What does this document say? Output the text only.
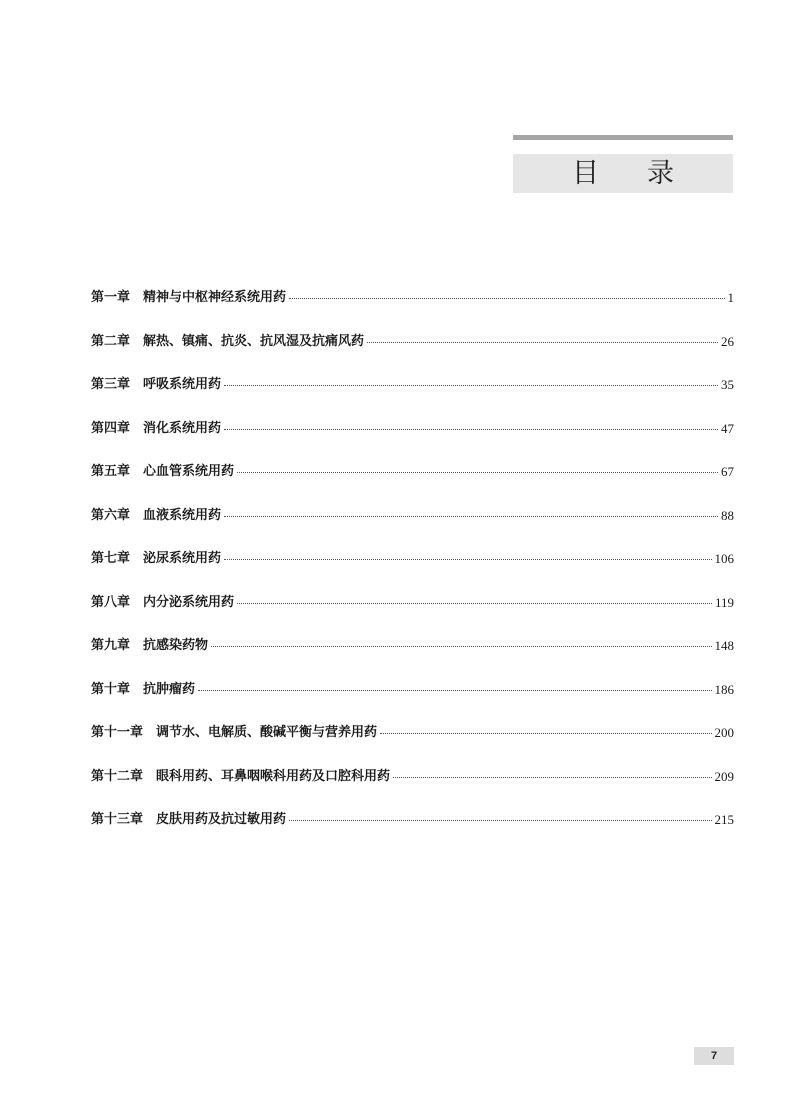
目 录
第一章 精神与中枢神经系统用药	1
第二章 解热、镇痛、抗炎、抗风湿及抗痛风药	26
第三章 呼吸系统用药	35
第四章 消化系统用药	47
第五章 心血管系统用药	67
第六章 血液系统用药	88
第七章 泌尿系统用药	106
第八章 内分泌系统用药	119
第九章 抗感染药物	148
第十章 抗肿瘤药	186
第十一章 调节水、电解质、酸碱平衡与营养用药	200
第十二章 眼科用药、耳鼻咽喉科用药及口腔科用药	209
第十三章 皮肤用药及抗过敏用药	215
7
